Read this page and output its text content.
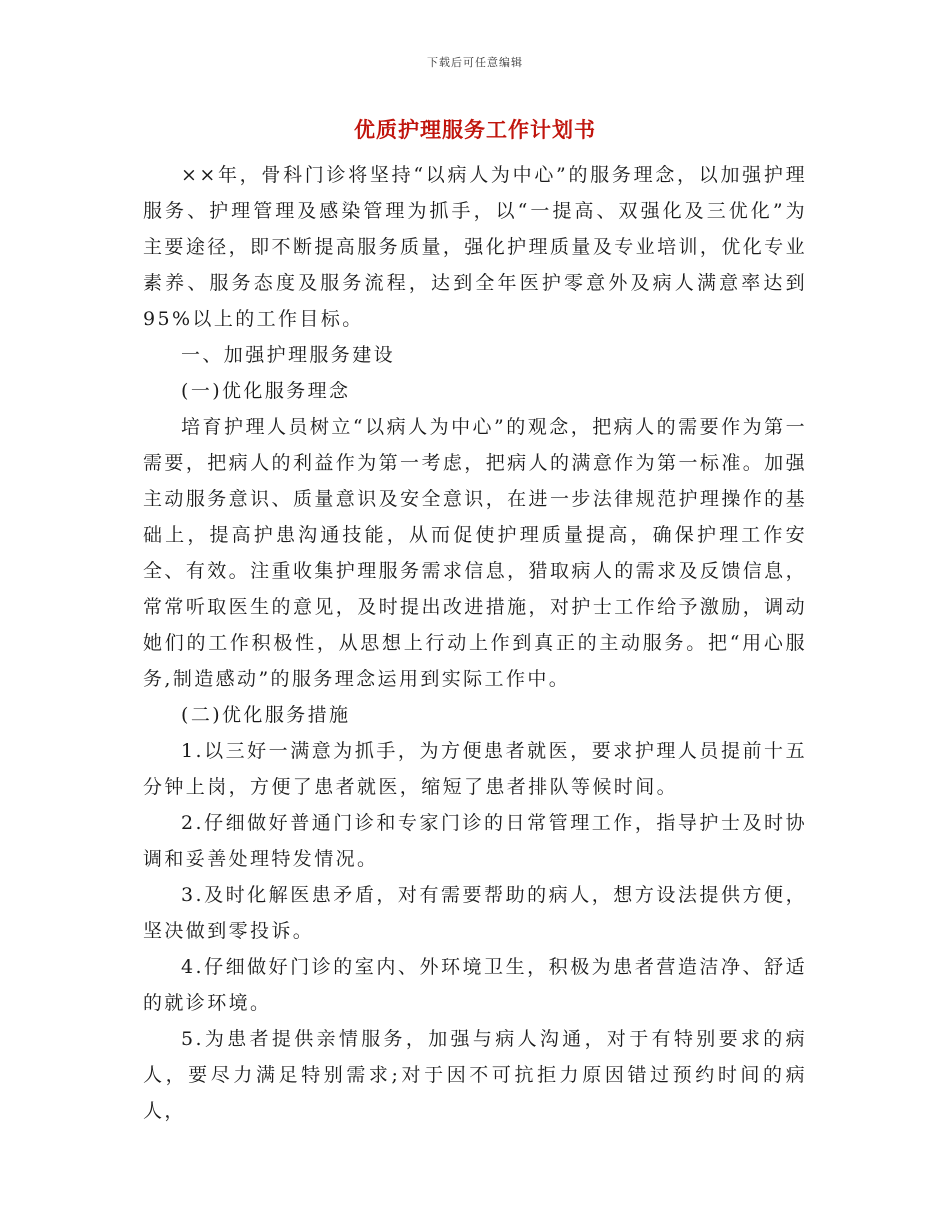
下载后可任意编辑
优质护理服务工作计划书

××年，骨科门诊将坚持“以病人为中心”的服务理念，以加强护理服务、护理管理及感染管理为抓手，以“一提高、双强化及三优化”为主要途径，即不断提高服务质量，强化护理质量及专业培训，优化专业素养、服务态度及服务流程，达到全年医护零意外及病人满意率达到95%以上的工作目标。

一、加强护理服务建设

(一)优化服务理念

培育护理人员树立“以病人为中心”的观念，把病人的需要作为第一需要，把病人的利益作为第一考虑，把病人的满意作为第一标准。加强主动服务意识、质量意识及安全意识，在进一步法律规范护理操作的基础上，提高护患沟通技能，从而促使护理质量提高，确保护理工作安全、有效。注重收集护理服务需求信息，猎取病人的需求及反馈信息，常常听取医生的意见，及时提出改进措施，对护士工作给予激励，调动她们的工作积极性，从思想上行动上作到真正的主动服务。把“用心服务,制造感动”的服务理念运用到实际工作中。

(二)优化服务措施

1.以三好一满意为抓手，为方便患者就医，要求护理人员提前十五分钟上岗，方便了患者就医，缩短了患者排队等候时间。

2.仔细做好普通门诊和专家门诊的日常管理工作，指导护士及时协调和妥善处理特发情况。

3.及时化解医患矛盾，对有需要帮助的病人，想方设法提供方便，坚决做到零投诉。

4.仔细做好门诊的室内、外环境卫生，积极为患者营造洁净、舒适的就诊环境。

5.为患者提供亲情服务，加强与病人沟通，对于有特别要求的病人，要尽力满足特别需求;对于因不可抗拒力原因错过预约时间的病人，
